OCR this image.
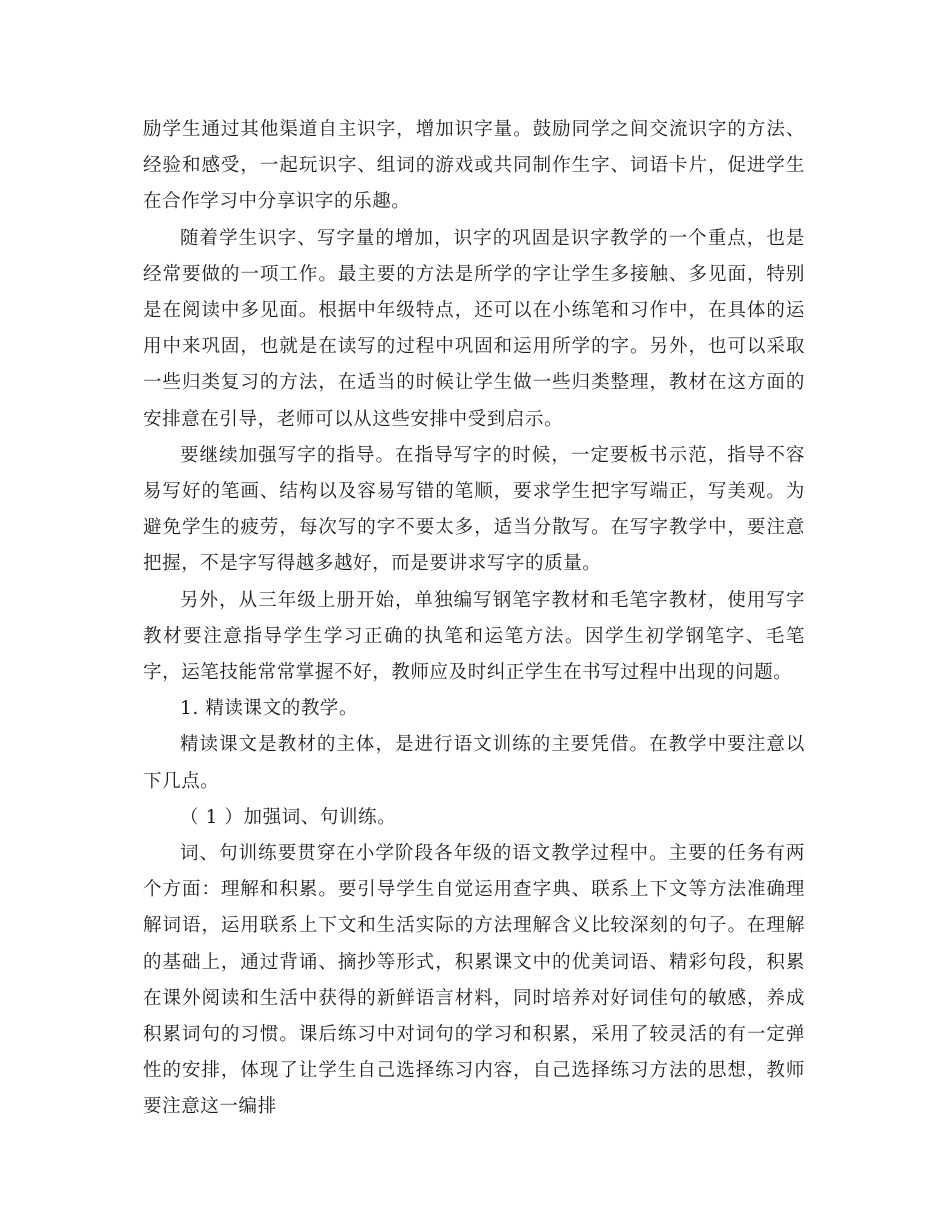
励学生通过其他渠道自主识字，增加识字量。鼓励同学之间交流识字的方法、经验和感受，一起玩识字、组词的游戏或共同制作生字、词语卡片，促进学生在合作学习中分享识字的乐趣。

随着学生识字、写字量的增加，识字的巩固是识字教学的一个重点，也是经常要做的一项工作。最主要的方法是所学的字让学生多接触、多见面，特别是在阅读中多见面。根据中年级特点，还可以在小练笔和习作中，在具体的运用中来巩固，也就是在读写的过程中巩固和运用所学的字。另外，也可以采取一些归类复习的方法，在适当的时候让学生做一些归类整理，教材在这方面的安排意在引导，老师可以从这些安排中受到启示。

要继续加强写字的指导。在指导写字的时候，一定要板书示范，指导不容易写好的笔画、结构以及容易写错的笔顺，要求学生把字写端正，写美观。为避免学生的疲劳，每次写的字不要太多，适当分散写。在写字教学中，要注意把握，不是字写得越多越好，而是要讲求写字的质量。

另外，从三年级上册开始，单独编写钢笔字教材和毛笔字教材，使用写字教材要注意指导学生学习正确的执笔和运笔方法。因学生初学钢笔字、毛笔字，运笔技能常常掌握不好，教师应及时纠正学生在书写过程中出现的问题。

1. 精读课文的教学。

精读课文是教材的主体，是进行语文训练的主要凭借。在教学中要注意以下几点。

（ 1 ）加强词、句训练。

词、句训练要贯穿在小学阶段各年级的语文教学过程中。主要的任务有两个方面：理解和积累。要引导学生自觉运用查字典、联系上下文等方法准确理解词语，运用联系上下文和生活实际的方法理解含义比较深刻的句子。在理解的基础上，通过背诵、摘抄等形式，积累课文中的优美词语、精彩句段，积累在课外阅读和生活中获得的新鲜语言材料，同时培养对好词佳句的敏感，养成积累词句的习惯。课后练习中对词句的学习和积累，采用了较灵活的有一定弹性的安排，体现了让学生自己选择练习内容，自己选择练习方法的思想，教师要注意这一编排
